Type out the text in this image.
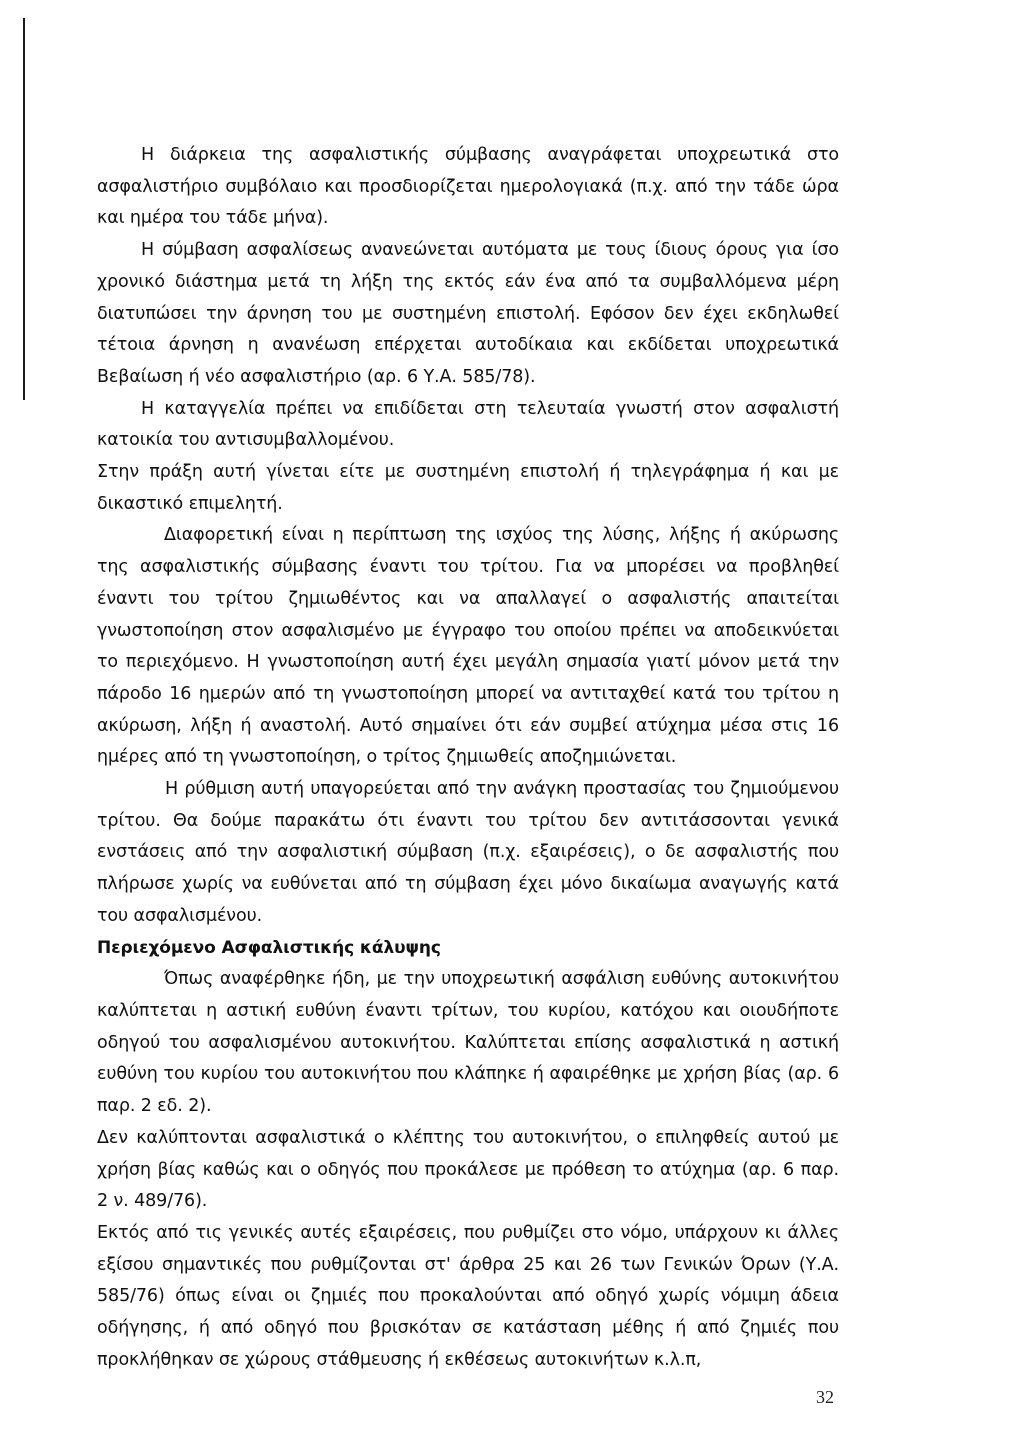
Η διάρκεια της ασφαλιστικής σύμβασης αναγράφεται υποχρεωτικά στο ασφαλιστήριο συμβόλαιο και προσδιορίζεται ημερολογιακά (π.χ. από την τάδε ώρα και ημέρα του τάδε μήνα).

Η σύμβαση ασφαλίσεως ανανεώνεται αυτόματα με τους ίδιους όρους για ίσο χρονικό διάστημα μετά τη λήξη της εκτός εάν ένα από τα συμβαλλόμενα μέρη διατυπώσει την άρνηση του με συστημένη επιστολή. Εφόσον δεν έχει εκδηλωθεί τέτοια άρνηση η ανανέωση επέρχεται αυτοδίκαια και εκδίδεται υποχρεωτικά Βεβαίωση ή νέο ασφαλιστήριο (αρ. 6 Υ.Α. 585/78).

Η καταγγελία πρέπει να επιδίδεται στη τελευταία γνωστή στον ασφαλιστή κατοικία του αντισυμβαλλομένου.

Στην πράξη αυτή γίνεται είτε με συστημένη επιστολή ή τηλεγράφημα ή και με δικαστικό επιμελητή.

Διαφορετική είναι η περίπτωση της ισχύος της λύσης, λήξης ή ακύρωσης της ασφαλιστικής σύμβασης έναντι του τρίτου. Για να μπορέσει να προβληθεί έναντι του τρίτου ζημιωθέντος και να απαλλαγεί ο ασφαλιστής απαιτείται γνωστοποίηση στον ασφαλισμένο με έγγραφο του οποίου πρέπει να αποδεικνύεται το περιεχόμενο. Η γνωστοποίηση αυτή έχει μεγάλη σημασία γιατί μόνον μετά την πάροδο 16 ημερών από τη γνωστοποίηση μπορεί να αντιταχθεί κατά του τρίτου η ακύρωση, λήξη ή αναστολή. Αυτό σημαίνει ότι εάν συμβεί ατύχημα μέσα στις 16 ημέρες από τη γνωστοποίηση, ο τρίτος ζημιωθείς αποζημιώνεται.

Η ρύθμιση αυτή υπαγορεύεται από την ανάγκη προστασίας του ζημιούμενου τρίτου. Θα δούμε παρακάτω ότι έναντι του τρίτου δεν αντιτάσσονται γενικά ενστάσεις από την ασφαλιστική σύμβαση (π.χ. εξαιρέσεις), ο δε ασφαλιστής που πλήρωσε χωρίς να ευθύνεται από τη σύμβαση έχει μόνο δικαίωμα αναγωγής κατά του ασφαλισμένου.

Περιεχόμενο Ασφαλιστικής κάλυψης

Όπως αναφέρθηκε ήδη, με την υποχρεωτική ασφάλιση ευθύνης αυτοκινήτου καλύπτεται η αστική ευθύνη έναντι τρίτων, του κυρίου, κατόχου και οιουδήποτε οδηγού του ασφαλισμένου αυτοκινήτου. Καλύπτεται επίσης ασφαλιστικά η αστική ευθύνη του κυρίου του αυτοκινήτου που κλάπηκε ή αφαιρέθηκε με χρήση βίας (αρ. 6 παρ. 2 εδ. 2).

Δεν καλύπτονται ασφαλιστικά ο κλέπτης του αυτοκινήτου, ο επιληφθείς αυτού με χρήση βίας καθώς και ο οδηγός που προκάλεσε με πρόθεση το ατύχημα (αρ. 6 παρ. 2 ν. 489/76).

Εκτός από τις γενικές αυτές εξαιρέσεις, που ρυθμίζει στο νόμο, υπάρχουν κι άλλες εξίσου σημαντικές που ρυθμίζονται στ' άρθρα 25 και 26 των Γενικών Όρων (Υ.Α. 585/76) όπως είναι οι ζημιές που προκαλούνται από οδηγό χωρίς νόμιμη άδεια οδήγησης, ή από οδηγό που βρισκόταν σε κατάσταση μέθης ή από ζημιές που προκλήθηκαν σε χώρους στάθμευσης ή εκθέσεως αυτοκινήτων κ.λ.π,

32
